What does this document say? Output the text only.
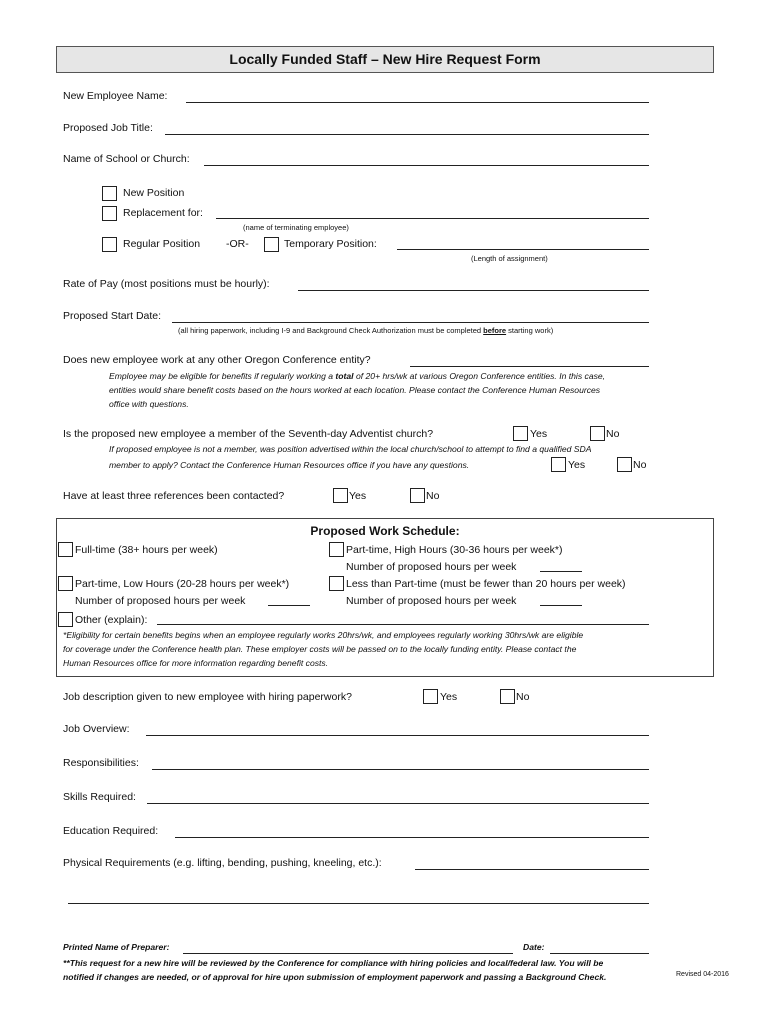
Locally Funded Staff – New Hire Request Form
New Employee Name:
Proposed Job Title:
Name of School or Church:
New Position
Replacement for:
(name of terminating employee)
Regular Position -OR-	Temporary Position:
(Length of assignment)
Rate of Pay (most positions must be hourly):
Proposed Start Date:
(all hiring paperwork, including I-9 and Background Check Authorization must be completed before starting work)
Does new employee work at any other Oregon Conference entity?
Employee may be eligible for benefits if regularly working a total of 20+ hrs/wk at various Oregon Conference entities. In this case,
entities would share benefit costs based on the hours worked at each location. Please contact the Conference Human Resources
office with questions.
Is the proposed new employee a member of the Seventh-day Adventist church?	Yes	No
If proposed employee is not a member, was position advertised within the local church/school to attempt to find a qualified SDA
member to apply? Contact the Conference Human Resources office if you have any questions.	Yes	No
Have at least three references been contacted?	Yes	No
Proposed Work Schedule:
Full-time (38+ hours per week)	Part-time, High Hours (30-36 hours per week*)
Number of proposed hours per week
Part-time, Low Hours (20-28 hours per week*)	Less than Part-time (must be fewer than 20 hours per week)
Number of proposed hours per week	Number of proposed hours per week
Other (explain):
*Eligibility for certain benefits begins when an employee regularly works 20hrs/wk, and employees regularly working 30hrs/wk are eligible
for coverage under the Conference health plan. These employer costs will be passed on to the locally funding entity. Please contact the
Human Resources office for more information regarding benefit costs.
Job description given to new employee with hiring paperwork?	Yes	No
Job Overview:
Responsibilities:
Skills Required:
Education Required:
Physical Requirements (e.g. lifting, bending, pushing, kneeling, etc.):
Printed Name of Preparer:	Date:
**This request for a new hire will be reviewed by the Conference for compliance with hiring policies and local/federal law. You will be
notified if changes are needed, or of approval for hire upon submission of employment paperwork and passing a Background Check.	Revised 04-2016
